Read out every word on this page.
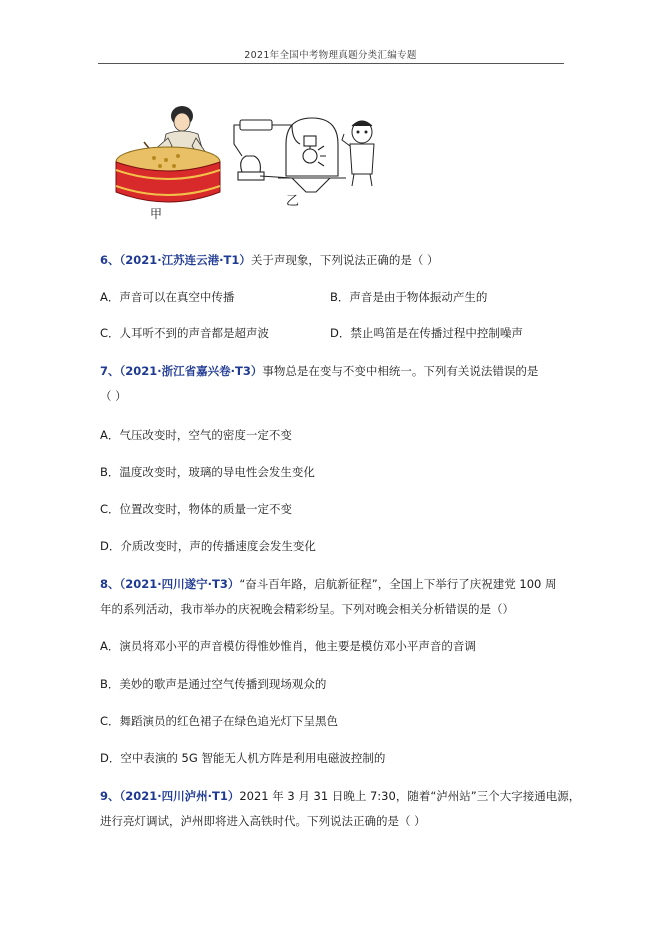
2021年全国中考物理真题分类汇编专题
甲
乙
6、（2021·江苏连云港·T1）关于声现象，下列说法正确的是（ ）
A．声音可以在真空中传播	B．声音是由于物体振动产生的
C．人耳听不到的声音都是超声波	D．禁止鸣笛是在传播过程中控制噪声
7、（2021·浙江省嘉兴卷·T3）事物总是在变与不变中相统一。下列有关说法错误的是
（ ）
A．气压改变时，空气的密度一定不变
B．温度改变时，玻璃的导电性会发生变化
C．位置改变时，物体的质量一定不变
D．介质改变时，声的传播速度会发生变化
8、（2021·四川遂宁·T3）“奋斗百年路，启航新征程”，全国上下举行了庆祝建党 100 周
年的系列活动，我市举办的庆祝晚会精彩纷呈。下列对晚会相关分析错误的是（）
A．演员将邓小平的声音模仿得惟妙惟肖，他主要是模仿邓小平声音的音调
B．美妙的歌声是通过空气传播到现场观众的
C．舞蹈演员的红色裙子在绿色追光灯下呈黑色
D．空中表演的 5G 智能无人机方阵是利用电磁波控制的
9、（2021·四川泸州·T1）2021 年 3 月 31 日晚上 7:30，随着“泸州站”三个大字接通电源，
进行亮灯调试，泸州即将进入高铁时代。下列说法正确的是（ ）
